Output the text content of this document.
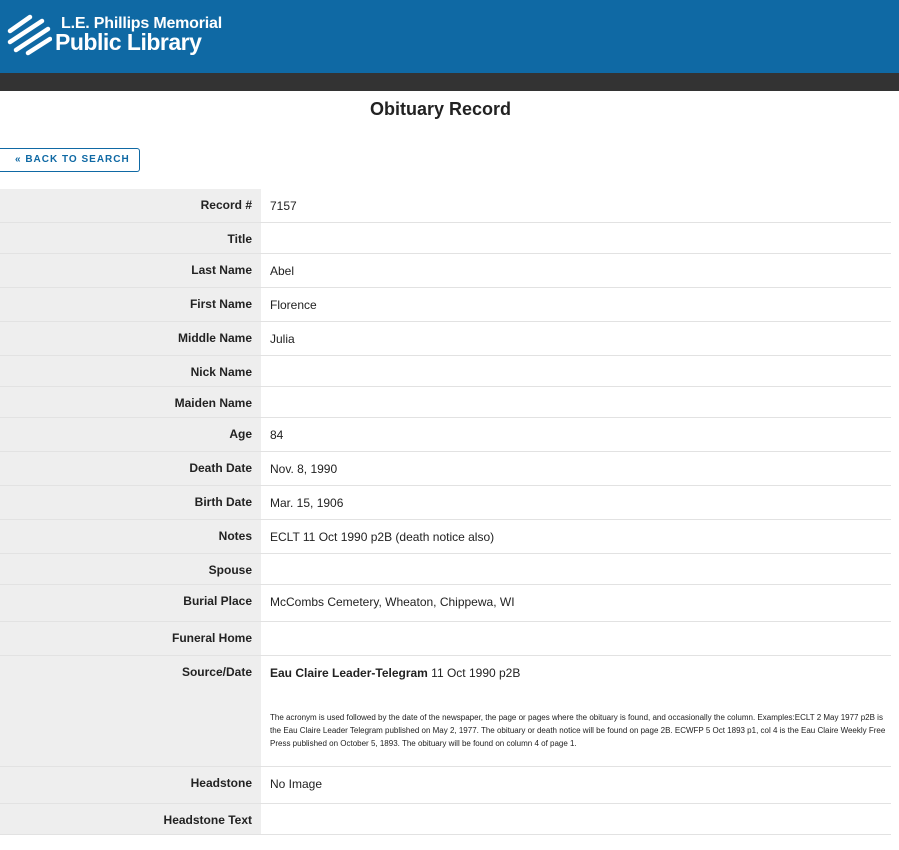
L.E. Phillips Memorial
Public Library
Obituary Record
« BACK TO SEARCH
Record #	7157
Title
Last Name	Abel
First Name	Florence
Middle Name	Julia
Nick Name
Maiden Name
Age	84
Death Date	Nov. 8, 1990
Birth Date	Mar. 15, 1906
Notes	ECLT 11 Oct 1990 p2B (death notice also)
Spouse
Burial Place	McCombs Cemetery, Wheaton, Chippewa, WI
Funeral Home
Source/Date	Eau Claire Leader-Telegram 11 Oct 1990 p2B
The acronym is used followed by the date of the newspaper, the page or pages where the obituary is found, and occasionally the column. Examples:ECLT 2 May 1977 p2B is the Eau Claire Leader Telegram published on May 2, 1977. The obituary or death notice will be found on page 2B. ECWFP 5 Oct 1893 p1, col 4 is the Eau Claire Weekly Free Press published on October 5, 1893. The obituary will be found on column 4 of page 1.
Headstone	No Image
Headstone Text
